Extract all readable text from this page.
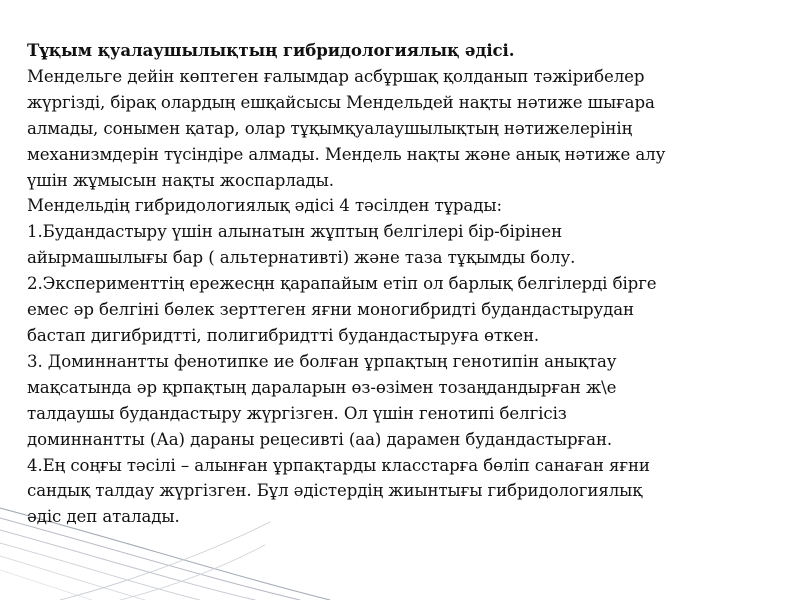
Тұқым қуалаушылықтың гибридологиялық әдісі.
Мендельге дейін көптеген ғалымдар асбұршақ қолданып тәжірибелер
жүргізді, бірақ олардың ешқайсысы Мендельдей нақты нәтиже шығара
алмады, сонымен қатар, олар тұқымқуалаушылықтың нәтижелерінің
механизмдерін түсіндіре алмады. Мендель нақты және анық нәтиже алу
үшін жұмысын нақты жоспарлады.
Мендельдің гибридологиялық әдісі 4 тәсілден тұрады:
1.Будандастыру үшін алынатын жұптың белгілері бір-бірінен
айырмашылығы бар ( альтернативті) және таза тұқымды болу.
2.Эксперименттің ережесңн қарапайым етіп ол барлық белгілерді бірге
емес әр белгіні бөлек зерттеген яғни моногибридті будандастырудан
бастап дигибридтті, полигибридтті будандастыруға өткен.
3. Доминнантты фенотипке ие болған ұрпақтың генотипін анықтау
мақсатында әр қрпақтың дараларын өз-өзімен тозаңдандырған ж\е
талдаушы будандастыру жүргізген. Ол үшін генотипі белгісіз
доминнантты (Аа) дараны рецесивті (аа) дарамен будандастырған.
4.Ең соңғы тәсілі – алынған ұрпақтарды класстарға бөліп санаған яғни
сандық талдау жүргізген. Бұл әдістердің жиынтығы гибридологиялық
әдіс деп аталады.
